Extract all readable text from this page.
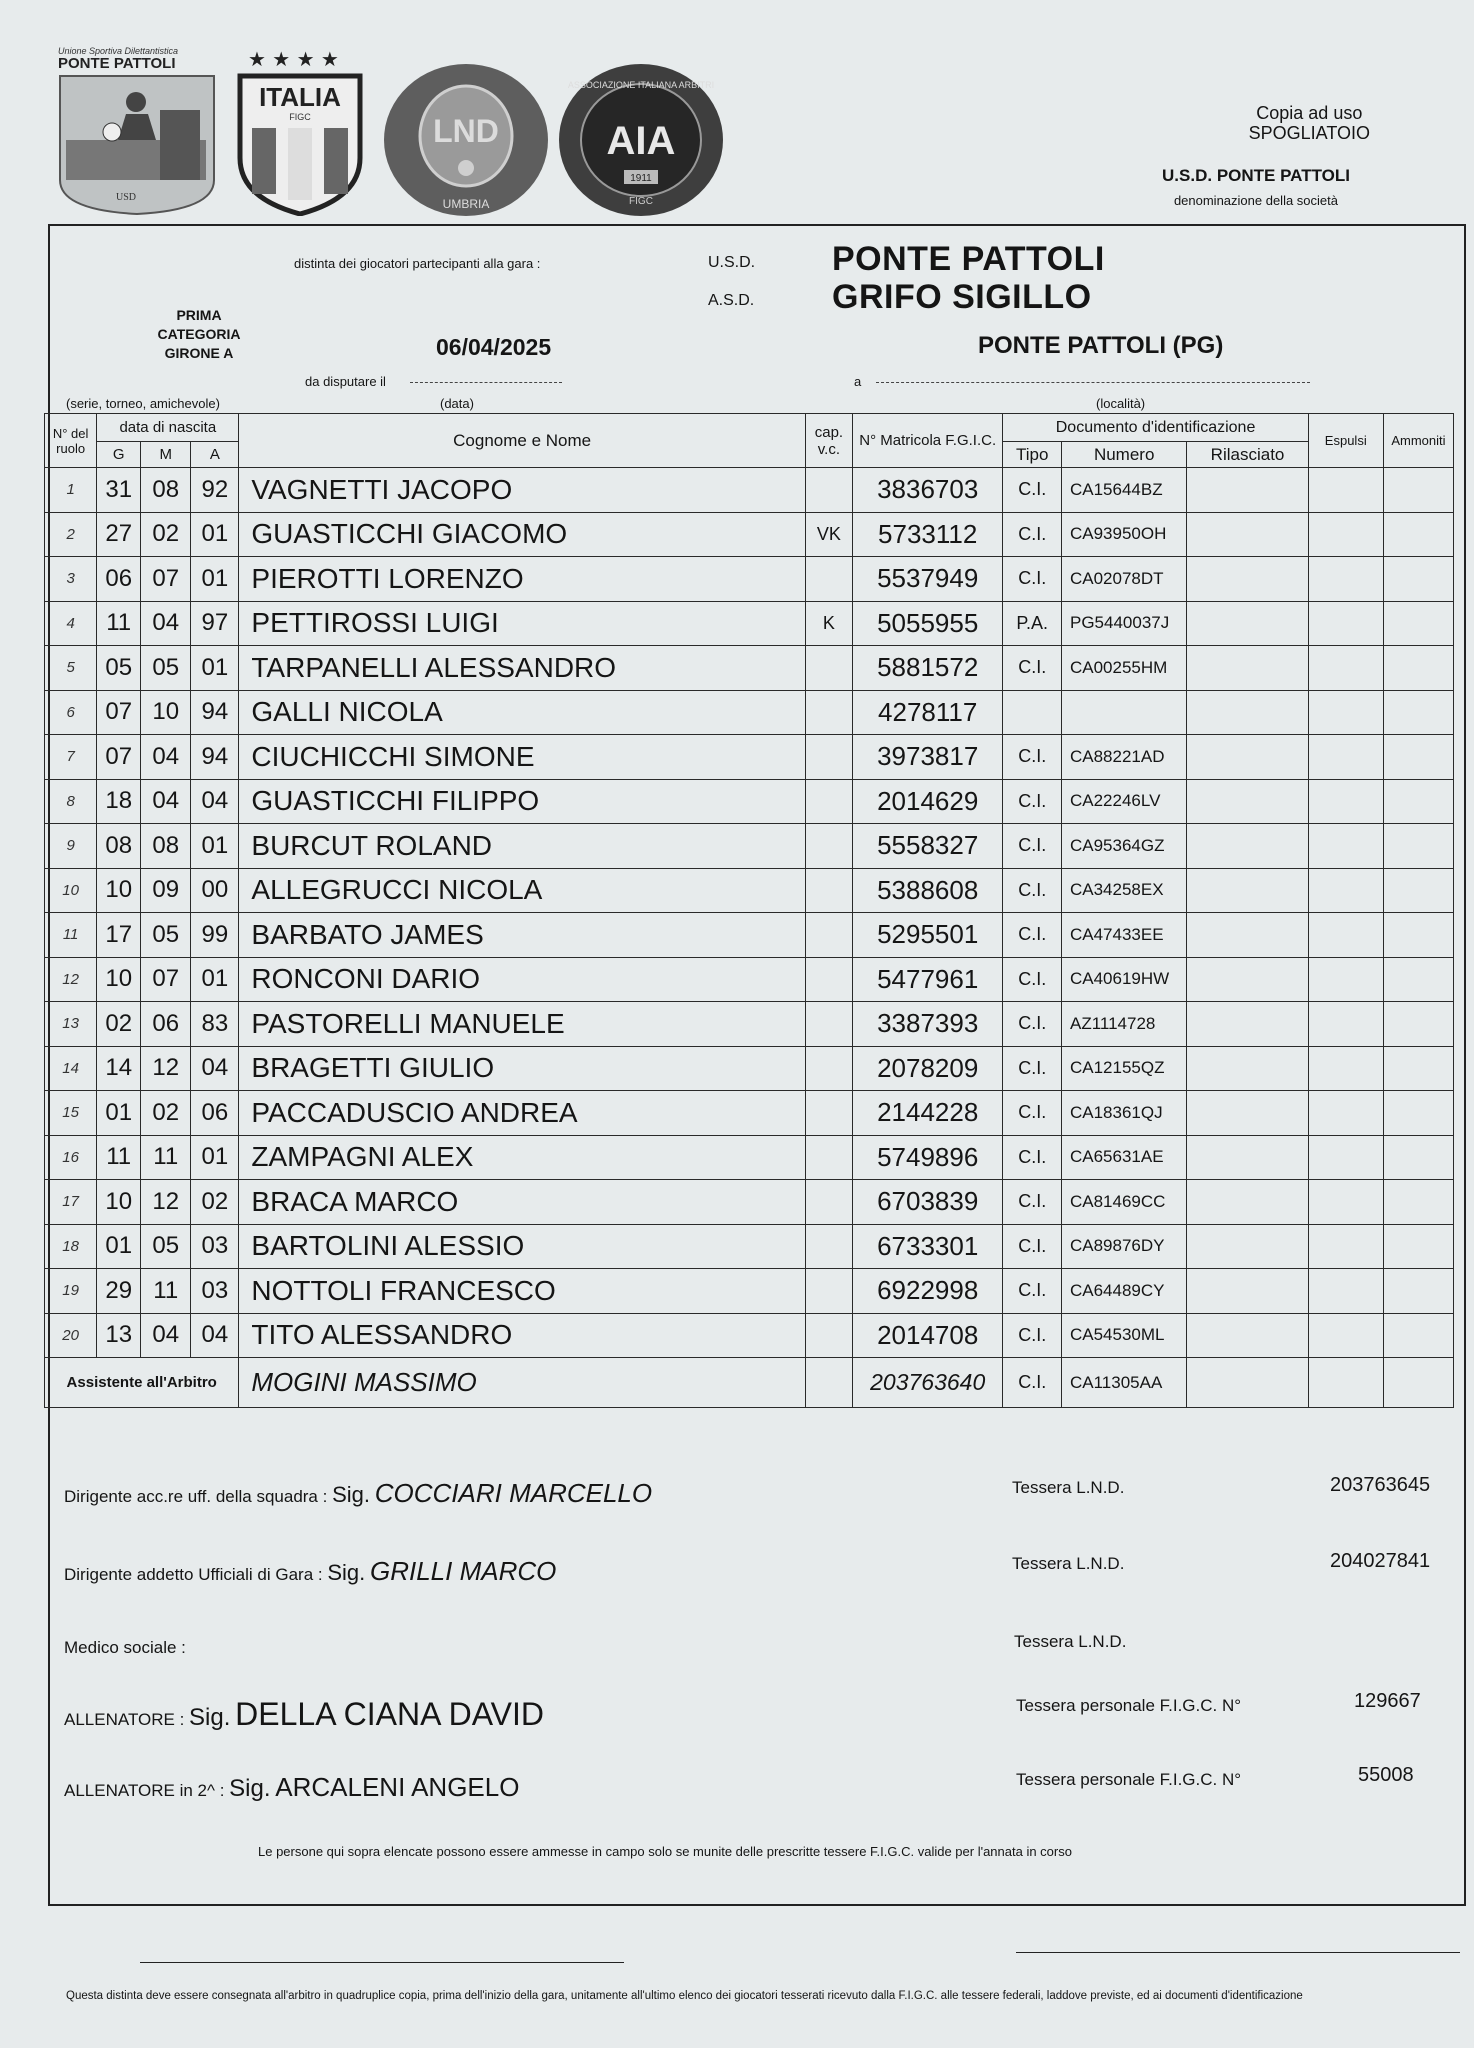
Unione Sportiva Dilettantistica
PONTE PATTOLI
USD
★ ★ ★ ★
ITALIA
FIGC	LND
UMBRIA
ASSOCIAZIONE ITALIANA ARBITRI
AIA
1911
FIGC
Copia ad uso
SPOGLIATOIO
U.S.D. PONTE PATTOLI
denominazione della società
distinta dei giocatori partecipanti alla gara :	U.S.D.
A.S.D.
PONTE PATTOLI
GRIFO SIGILLO
PRIMA
CATEGORIA
GIRONE A	06/04/2025	PONTE PATTOLI (PG)
da disputare il	a
(serie, torneo, amichevole)	(data)	(località)
N° del ruolo	data di nascita			Cognome e Nome	cap. v.c.	N° Matricola F.G.I.C.	Documento d'identificazione			Espulsi	Ammoniti
	G	M	A				Tipo	Numero	Rilasciato		
1	31	08	92	VAGNETTI JACOPO		3836703	C.I.	CA15644BZ			
2	27	02	01	GUASTICCHI GIACOMO	VK	5733112	C.I.	CA93950OH			
3	06	07	01	PIEROTTI LORENZO		5537949	C.I.	CA02078DT			
4	11	04	97	PETTIROSSI LUIGI	K	5055955	P.A.	PG5440037J			
5	05	05	01	TARPANELLI ALESSANDRO		5881572	C.I.	CA00255HM			
6	07	10	94	GALLI NICOLA		4278117					
7	07	04	94	CIUCHICCHI SIMONE		3973817	C.I.	CA88221AD			
8	18	04	04	GUASTICCHI FILIPPO		2014629	C.I.	CA22246LV			
9	08	08	01	BURCUT ROLAND		5558327	C.I.	CA95364GZ			
10	10	09	00	ALLEGRUCCI NICOLA		5388608	C.I.	CA34258EX			
11	17	05	99	BARBATO JAMES		5295501	C.I.	CA47433EE			
12	10	07	01	RONCONI DARIO		5477961	C.I.	CA40619HW			
13	02	06	83	PASTORELLI MANUELE		3387393	C.I.	AZ1114728			
14	14	12	04	BRAGETTI GIULIO		2078209	C.I.	CA12155QZ			
15	01	02	06	PACCADUSCIO ANDREA		2144228	C.I.	CA18361QJ			
16	11	11	01	ZAMPAGNI ALEX		5749896	C.I.	CA65631AE			
17	10	12	02	BRACA MARCO		6703839	C.I.	CA81469CC			
18	01	05	03	BARTOLINI ALESSIO		6733301	C.I.	CA89876DY			
19	29	11	03	NOTTOLI FRANCESCO		6922998	C.I.	CA64489CY			
20	13	04	04	TITO ALESSANDRO		2014708	C.I.	CA54530ML			
Assistente all'Arbitro				MOGINI MASSIMO		203763640	C.I.	CA11305AA			
Dirigente acc.re uff. della squadra : Sig. COCCIARI MARCELLO	Tessera L.N.D.	203763645
Dirigente addetto Ufficiali di Gara : Sig. GRILLI MARCO	Tessera L.N.D.	204027841
Medico sociale :	Tessera L.N.D.
ALLENATORE : Sig. DELLA CIANA DAVID	Tessera personale F.I.G.C. N°	129667
ALLENATORE in 2^ : Sig. ARCALENI ANGELO	Tessera personale F.I.G.C. N°	55008
Le persone qui sopra elencate possono essere ammesse in campo solo se munite delle prescritte tessere F.I.G.C. valide per l'annata in corso
Questa distinta deve essere consegnata all'arbitro in quadruplice copia, prima dell'inizio della gara, unitamente all'ultimo elenco dei giocatori tesserati ricevuto dalla F.I.G.C. alle tessere federali, laddove previste, ed ai documenti d'identificazione
